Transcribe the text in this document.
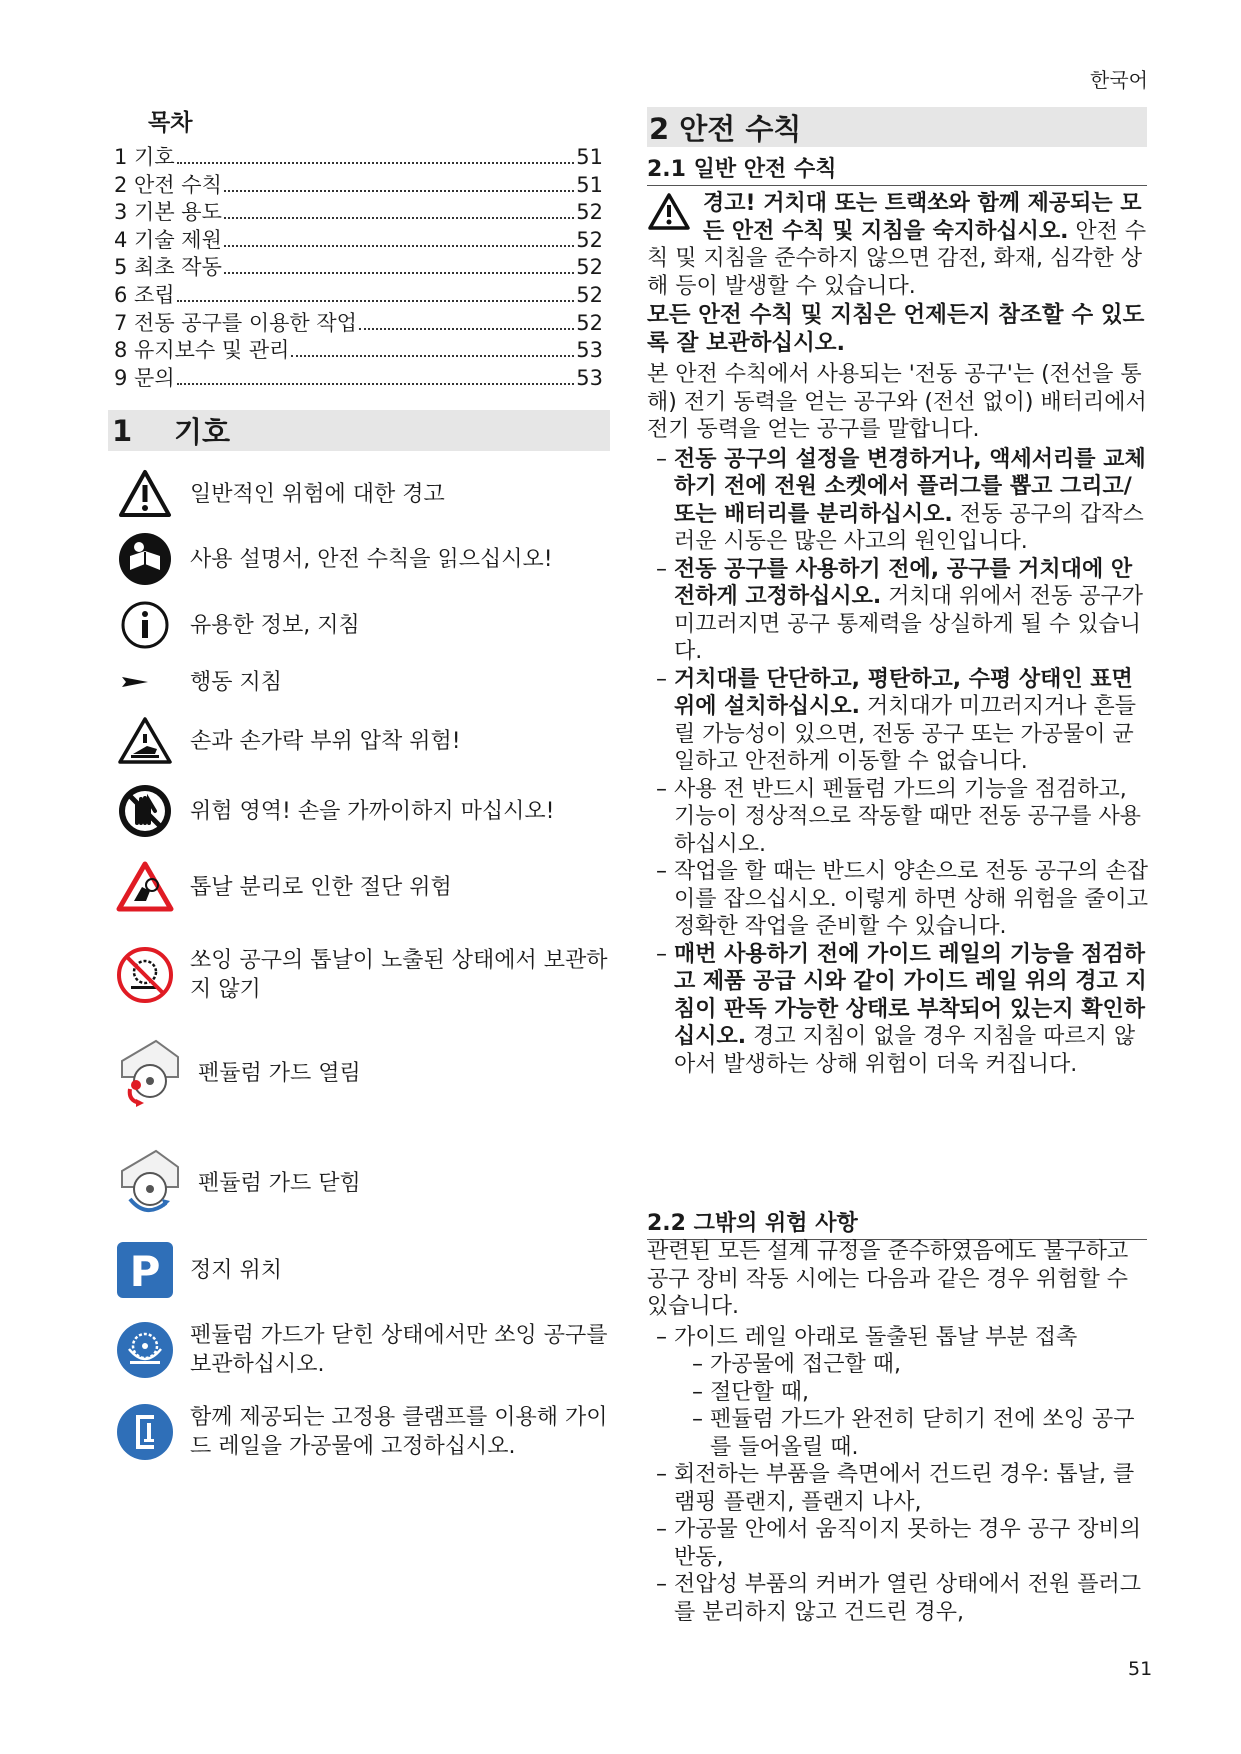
한국어
51
목차
1 기호	51
2 안전 수칙	51
3 기본 용도	52
4 기술 제원	52
5 최초 작동	52
6 조립	52
7 전동 공구를 이용한 작업	52
8 유지보수 및 관리	53
9 문의	53
1	기호
일반적인 위험에 대한 경고
사용 설명서, 안전 수칙을 읽으십시오!
유용한 정보, 지침
행동 지침
손과 손가락 부위 압착 위험!
위험 영역! 손을 가까이하지 마십시오!
톱날 분리로 인한 절단 위험
쏘잉 공구의 톱날이 노출된 상태에서 보관하지 않기
펜듈럼 가드 열림
펜듈럼 가드 닫힘
P 정지 위치
펜듈럼 가드가 닫힌 상태에서만 쏘잉 공구를 보관하십시오.
함께 제공되는 고정용 클램프를 이용해 가이드 레일을 가공물에 고정하십시오.
2 안전 수칙
2.1 일반 안전 수칙

경고! 거치대 또는 트랙쏘와 함께 제공되는 모든 안전 수칙 및 지침을 숙지하십시오. 안전 수칙 및 지침을 준수하지 않으면 감전, 화재, 심각한 상해 등이 발생할 수 있습니다.

모든 안전 수칙 및 지침은 언제든지 참조할 수 있도록 잘 보관하십시오.

본 안전 수칙에서 사용되는 '전동 공구'는 (전선을 통해) 전기 동력을 얻는 공구와 (전선 없이) 배터리에서 전기 동력을 얻는 공구를 말합니다.

– 전동 공구의 설정을 변경하거나, 액세서리를 교체하기 전에 전원 소켓에서 플러그를 뽑고 그리고/또는 배터리를 분리하십시오. 전동 공구의 갑작스러운 시동은 많은 사고의 원인입니다.

– 전동 공구를 사용하기 전에, 공구를 거치대에 안전하게 고정하십시오. 거치대 위에서 전동 공구가 미끄러지면 공구 통제력을 상실하게 될 수 있습니다.

– 거치대를 단단하고, 평탄하고, 수평 상태인 표면 위에 설치하십시오. 거치대가 미끄러지거나 흔들릴 가능성이 있으면, 전동 공구 또는 가공물이 균일하고 안전하게 이동할 수 없습니다.

– 사용 전 반드시 펜듈럼 가드의 기능을 점검하고, 기능이 정상적으로 작동할 때만 전동 공구를 사용하십시오.

– 작업을 할 때는 반드시 양손으로 전동 공구의 손잡이를 잡으십시오. 이렇게 하면 상해 위험을 줄이고 정확한 작업을 준비할 수 있습니다.

– 매번 사용하기 전에 가이드 레일의 기능을 점검하고 제품 공급 시와 같이 가이드 레일 위의 경고 지침이 판독 가능한 상태로 부착되어 있는지 확인하십시오. 경고 지침이 없을 경우 지침을 따르지 않아서 발생하는 상해 위험이 더욱 커집니다.

2.2 그밖의 위험 사항

관련된 모든 설계 규정을 준수하였음에도 불구하고 공구 장비 작동 시에는 다음과 같은 경우 위험할 수 있습니다.

– 가이드 레일 아래로 돌출된 톱날 부분 접촉

– 가공물에 접근할 때,

– 절단할 때,

– 펜듈럼 가드가 완전히 닫히기 전에 쏘잉 공구를 들어올릴 때.

– 회전하는 부품을 측면에서 건드린 경우: 톱날, 클램핑 플랜지, 플랜지 나사,

– 가공물 안에서 움직이지 못하는 경우 공구 장비의 반동,

– 전압성 부품의 커버가 열린 상태에서 전원 플러그를 분리하지 않고 건드린 경우,
